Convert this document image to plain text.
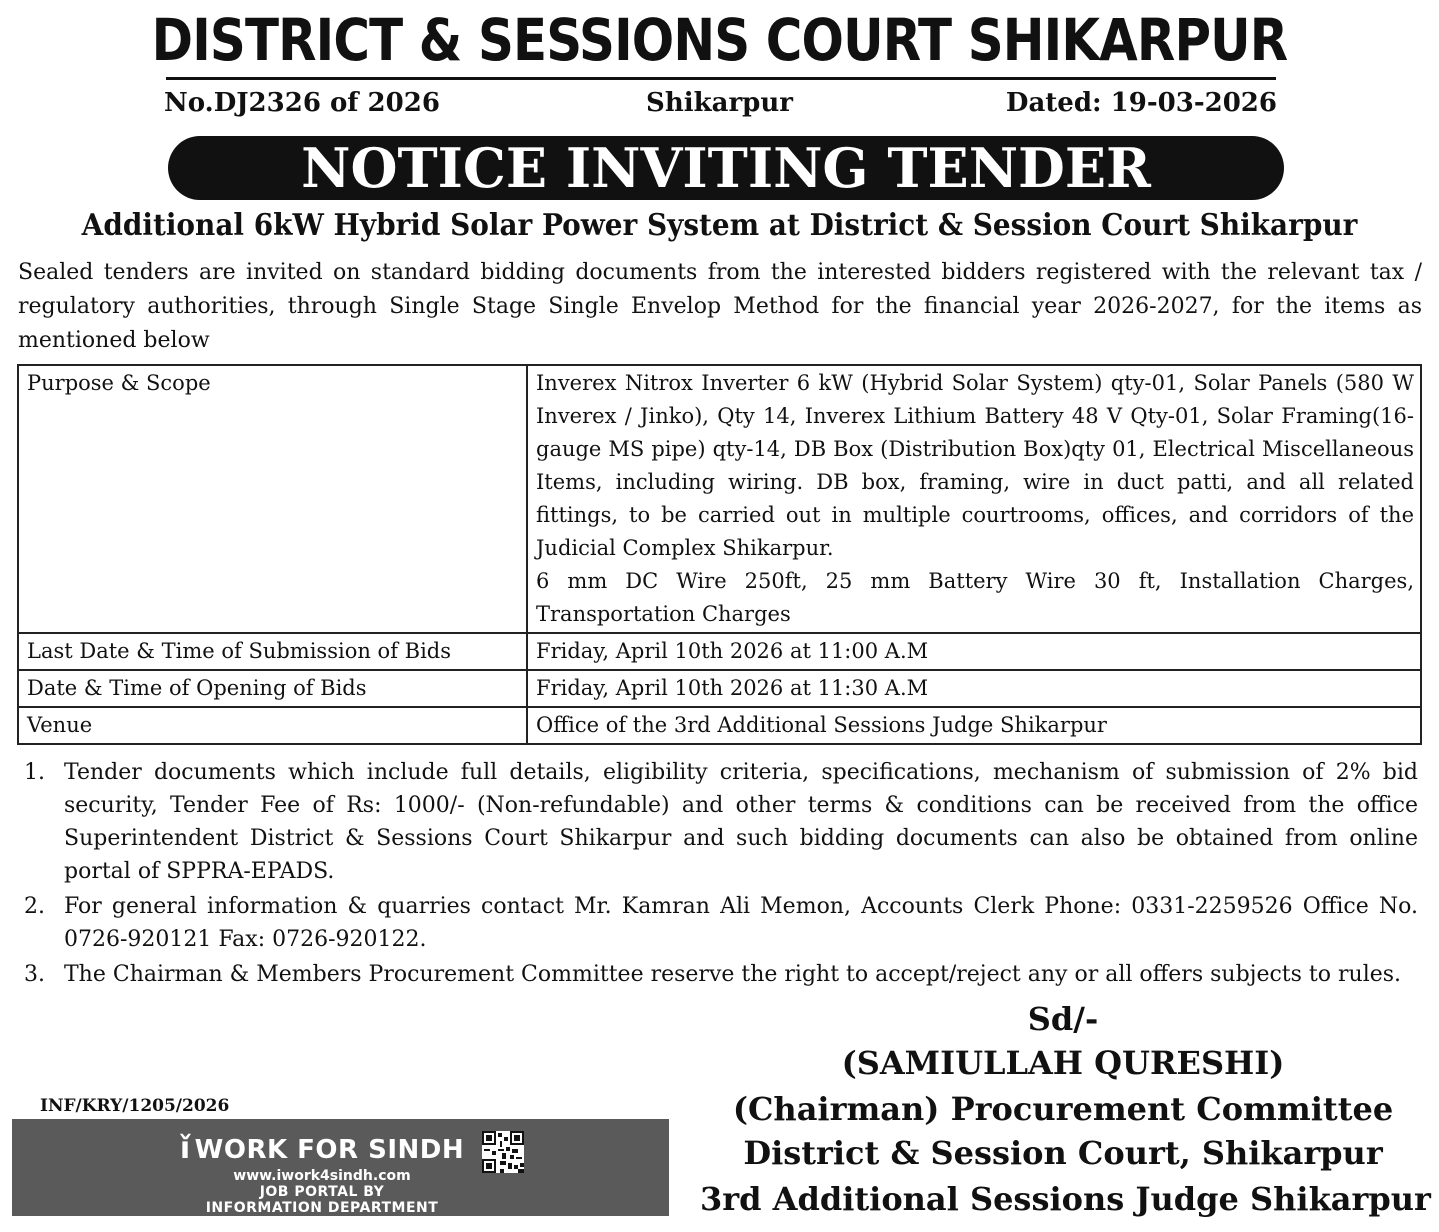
DISTRICT & SESSIONS COURT SHIKARPUR
No.DJ2326 of 2026	Shikarpur	Dated: 19-03-2026
NOTICE INVITING TENDER
Additional 6kW Hybrid Solar Power System at District & Session Court Shikarpur
Sealed tenders are invited on standard bidding documents from the interested bidders registered with the relevant tax / regulatory authorities, through Single Stage Single Envelop Method for the financial year 2026-2027, for the items as mentioned below
Purpose & Scope	Inverex Nitrox Inverter 6 kW (Hybrid Solar System) qty-01, Solar Panels (580 W Inverex / Jinko), Qty 14, Inverex Lithium Battery 48 V Qty-01, Solar Framing(16-gauge MS pipe) qty-14, DB Box (Distribution Box)qty 01, Electrical Miscellaneous Items, including wiring. DB box, framing, wire in duct patti, and all related fittings, to be carried out in multiple courtrooms, offices, and corridors of the Judicial Complex Shikarpur.
6 mm DC Wire 250ft, 25 mm Battery Wire 30 ft, Installation Charges, Transportation Charges

Last Date & Time of Submission of Bids	Friday, April 10th 2026 at 11:00 A.M
Date & Time of Opening of Bids	Friday, April 10th 2026 at 11:30 A.M
Venue	Office of the 3rd Additional Sessions Judge Shikarpur
1. Tender documents which include full details, eligibility criteria, specifications, mechanism of submission of 2% bid security, Tender Fee of Rs: 1000/- (Non-refundable) and other terms & conditions can be received from the office Superintendent District & Sessions Court Shikarpur and such bidding documents can also be obtained from online portal of SPPRA-EPADS.
2. For general information & quarries contact Mr. Kamran Ali Memon, Accounts Clerk Phone: 0331-2259526 Office No. 0726-920121 Fax: 0726-920122.
3. The Chairman & Members Procurement Committee reserve the right to accept/reject any or all offers subjects to rules.
Sd/-
(SAMIULLAH QURESHI)
(Chairman) Procurement Committee
District & Session Court, Shikarpur
3rd Additional Sessions Judge Shikarpur
INF/KRY/1205/2026
ǐ WORK FOR SINDH
www.iwork4sindh.com
JOB PORTAL BY
INFORMATION DEPARTMENT
